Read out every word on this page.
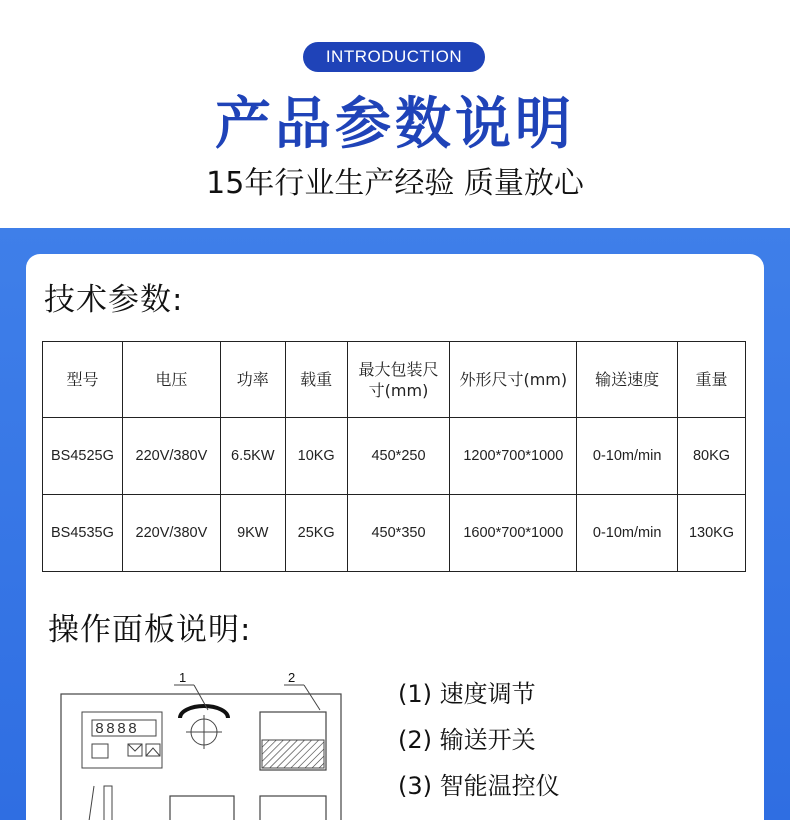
INTRODUCTION
产品参数说明
15年行业生产经验 质量放心
技术参数:
型号	电压	功率	载重	最大包装尺寸(mm)	外形尺寸(mm)	输送速度	重量
BS4525G	220V/380V	6.5KW	10KG	450*250	1200*700*1000	0-10m/min	80KG
BS4535G	220V/380V	9KW	25KG	450*350	1600*700*1000	0-10m/min	130KG
操作面板说明:
8888
1	2
(1) 速度调节
(2) 输送开关
(3) 智能温控仪
